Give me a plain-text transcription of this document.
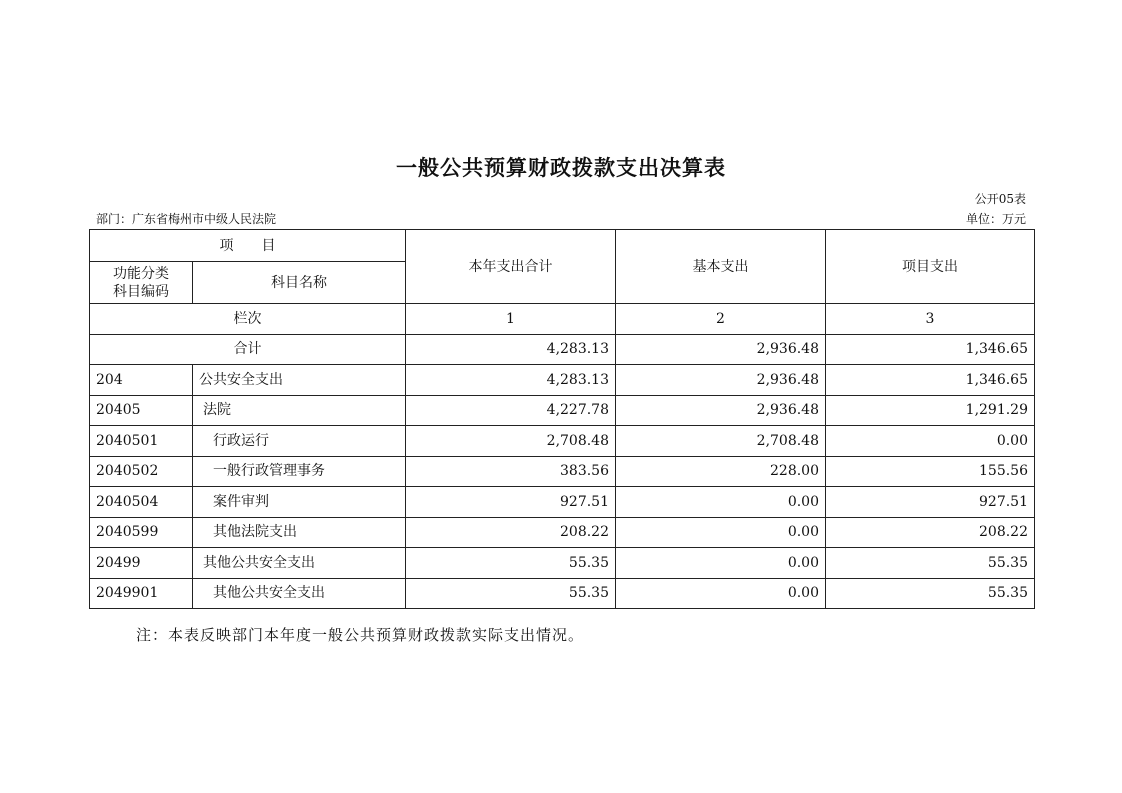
一般公共预算财政拨款支出决算表
公开05表
部门：广东省梅州市中级人民法院	单位：万元
项　　目		本年支出合计	基本支出	项目支出

功能分类
科目编码	科目名称			
栏次		1	2	3
合计		4,283.13	2,936.48	1,346.65
204	公共安全支出	4,283.13	2,936.48	1,346.65
20405	法院	4,227.78	2,936.48	1,291.29
2040501	行政运行	2,708.48	2,708.48	0.00
2040502	一般行政管理事务	383.56	228.00	155.56
2040504	案件审判	927.51	0.00	927.51
2040599	其他法院支出	208.22	0.00	208.22
20499	其他公共安全支出	55.35	0.00	55.35
2049901	其他公共安全支出	55.35	0.00	55.35
注：本表反映部门本年度一般公共预算财政拨款实际支出情况。
